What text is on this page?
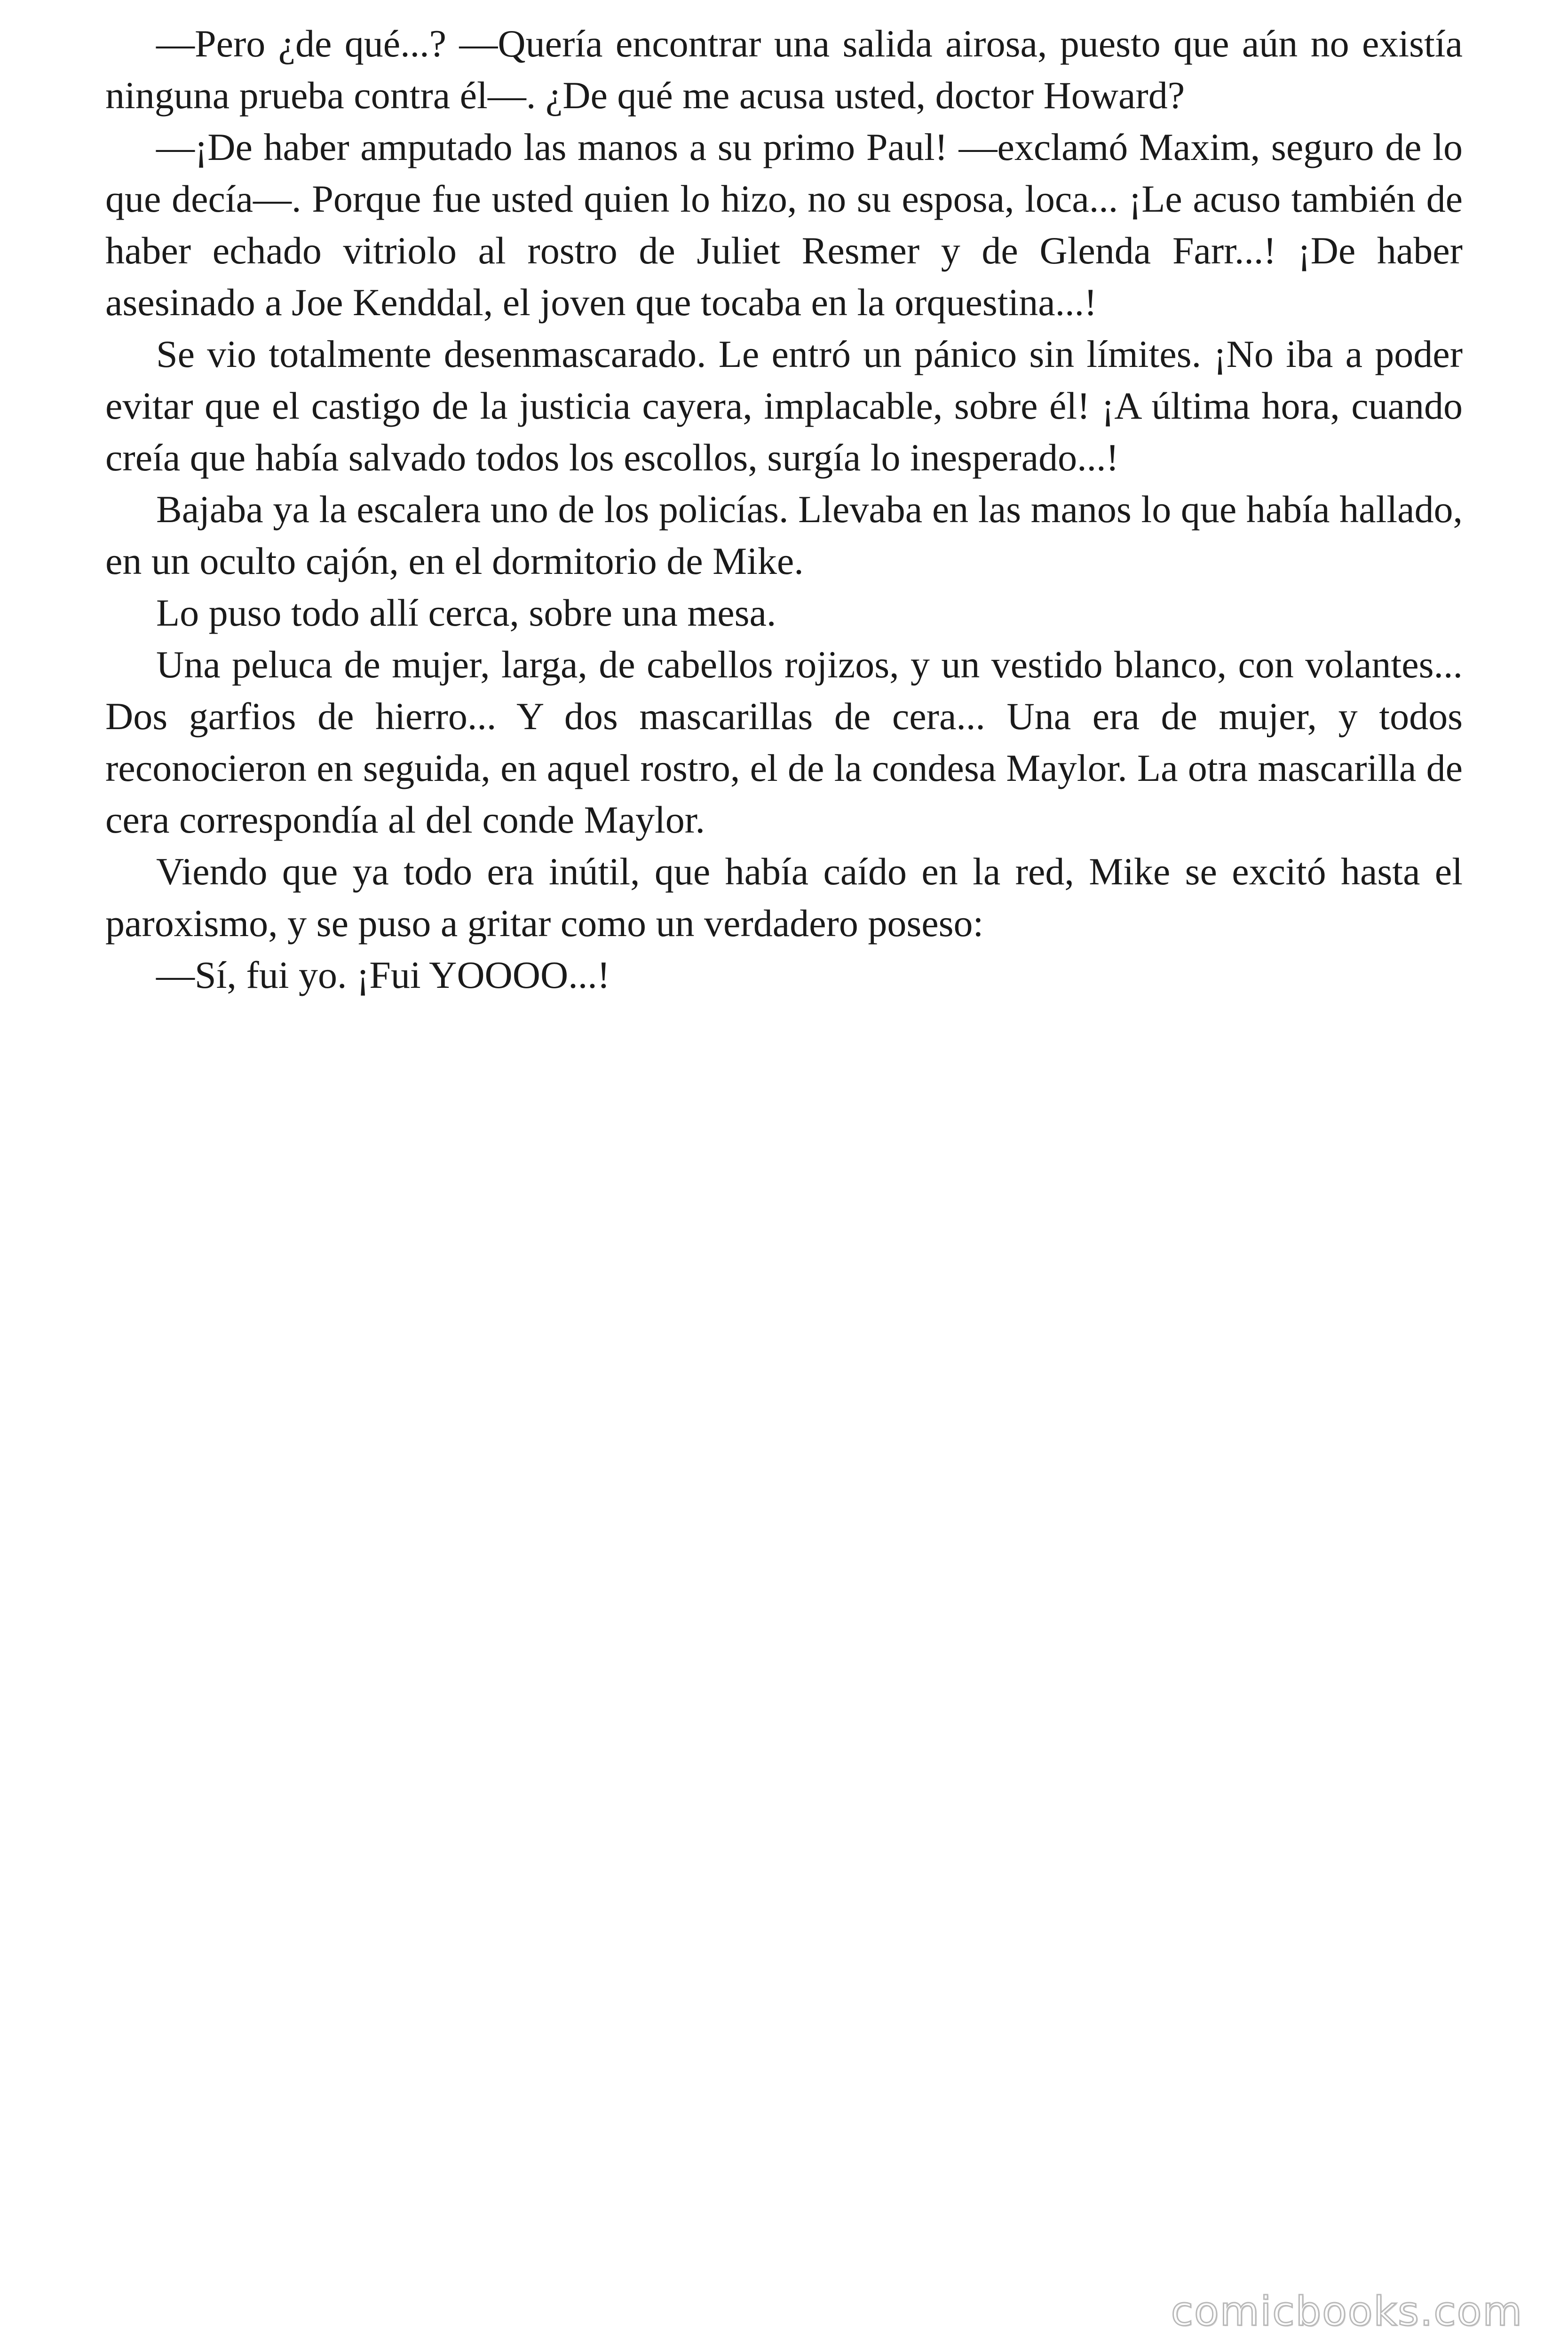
—Pero ¿de qué...? —Quería encontrar una salida airosa, puesto que aún no existía ninguna prueba contra él—. ¿De qué me acusa usted, doctor Howard?

—¡De haber amputado las manos a su primo Paul! —exclamó Maxim, seguro de lo que decía—. Porque fue usted quien lo hizo, no su esposa, loca... ¡Le acuso también de haber echado vitriolo al rostro de Juliet Resmer y de Glenda Farr...! ¡De haber asesinado a Joe Kenddal, el joven que tocaba en la orquestina...!

Se vio totalmente desenmascarado. Le entró un pánico sin límites. ¡No iba a poder evitar que el castigo de la justicia cayera, implacable, sobre él! ¡A última hora, cuando creía que había salvado todos los escollos, surgía lo inesperado...!

Bajaba ya la escalera uno de los policías. Llevaba en las manos lo que había hallado, en un oculto cajón, en el dormitorio de Mike.

Lo puso todo allí cerca, sobre una mesa.

Una peluca de mujer, larga, de cabellos rojizos, y un vestido blanco, con volantes... Dos garfios de hierro... Y dos mascarillas de cera... Una era de mujer, y todos reconocieron en seguida, en aquel rostro, el de la condesa Maylor. La otra mascarilla de cera correspondía al del conde Maylor.

Viendo que ya todo era inútil, que había caído en la red, Mike se excitó hasta el paroxismo, y se puso a gritar como un verdadero poseso:

—Sí, fui yo. ¡Fui YOOOO...!

comicbooks.com
